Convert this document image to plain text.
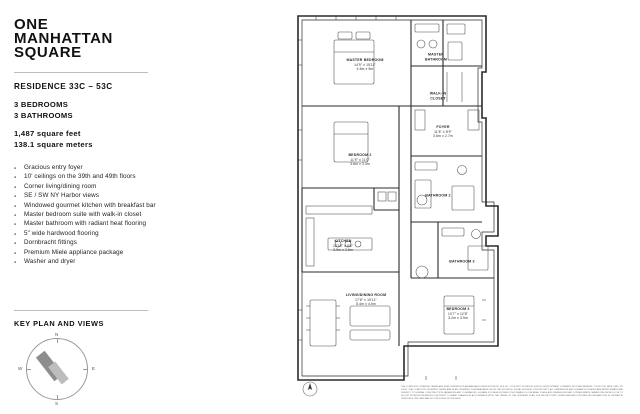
ONE
MANHATTAN
SQUARE
RESIDENCE 33C – 53C
3 BEDROOMS
3 BATHROOMS
1,487 square feet
138.1 square meters
● Gracious entry foyer
● 10' ceilings on the 39th and 49th floors
● Corner living/dining room
● SE / SW NY Harbor views
● Windowed gourmet kitchen with breakfast bar
● Master bedroom suite with walk-in closet
● Master bathroom with radiant heat flooring
● 5" wide hardwood flooring
● Dornbracht fittings
● Premium Miele appliance package
● Washer and dryer
KEY PLAN AND VIEWS
N
S
E
W
MASTER BEDROOM
14'9" x 15'11"
4.5m x 5m
MASTER BATHROOM
WALK-IN CLOSET
FOYER
11'8" x 8'9"
3.6m x 2.7m
BEDROOM 2
11'9" x 11'0"
3.6m x 3.3m
BATHROOM 2
BATHROOM 3
KITCHEN
12'10" x 8'6"
3.9m x 2.6m
LIVING/DINING ROOM
17'8" x 15'11"
5.4m x 4.6m
BEDROOM 3
10'7" x 12'8"
3.2m x 3.9m
THE COMPLETE OFFERING TERMS ARE IN AN OFFERING PLAN AVAILABLE FROM SPONSOR. FILE NO. CD15-0297. SPONSOR: EXTELL DEVELOPMENT COMPANY, 805 THIRD AVENUE, 7TH FLOOR, NEW YORK, NY 10022. THE COMPLETE OFFERING TERMS ARE IN AN OFFERING PLAN AVAILABLE FROM THE SPONSOR. EQUAL HOUSING OPPORTUNITY. ALL DIMENSIONS AND SQUARE FOOTAGES ARE APPROXIMATE AND SUBJECT TO NORMAL CONSTRUCTION VARIANCES AND TOLERANCES. SQUARE FOOTAGE EXCEEDS THE USABLE FLOOR AREA. PLANS AND DIMENSIONS MAY CONTAIN MINOR VARIATIONS FROM FLOOR TO FLOOR. SPONSOR RESERVES THE RIGHT TO MAKE CHANGES IN ACCORDANCE WITH THE TERMS OF THE OFFERING PLAN. THE PROJECTIONS, FURNITURE AND FIXTURES SHOWN ARE FOR ILLUSTRATIVE PURPOSES ONLY AND ARE NOT INCLUDED IN THE SALE.
